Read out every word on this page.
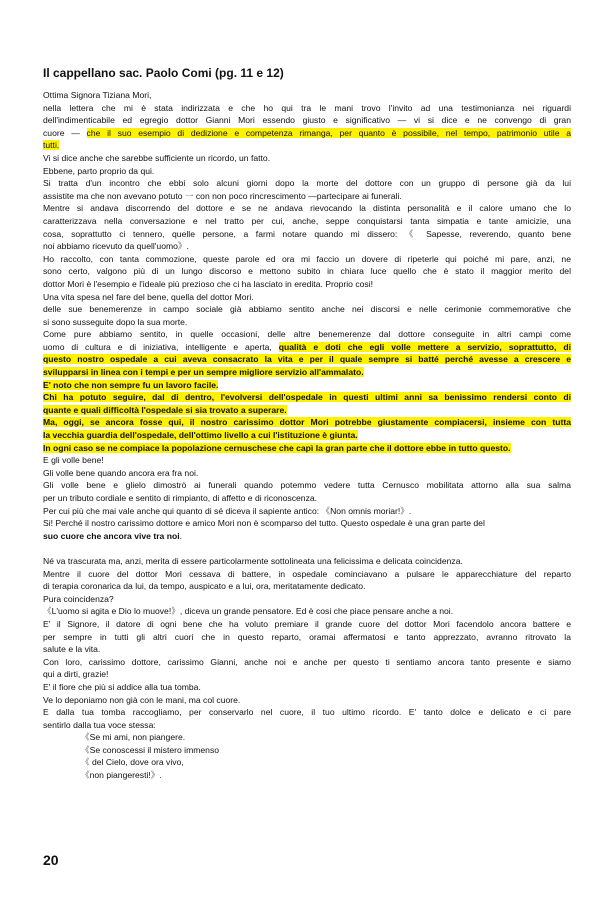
Il cappellano sac. Paolo Comi (pg. 11 e 12)
Ottima Signora Tiziana Mori,
nella lettera che mi è stata indirizzata e che ho qui tra le mani trovo l'invito ad una testimonianza nei riguardi
dell'indimenticabile ed egregio dottor Gianni Mori essendo giusto e significativo — vi si dice e ne convengo di gran
cuore — che il suo esempio di dedizione e competenza rimanga, per quanto è possibile, nel tempo, patrimonio utile a
tutti.
Vi si dice anche che sarebbe sufficiente un ricordo, un fatto.
Ebbene, parto proprio da qui.
Si tratta d'un incontro che ebbi solo alcuni giorni dopo la morte del dottore con un gruppo di persone già da lui
assistite ma che non avevano potuto 一 con non poco rincrescimento —partecipare ai funerali.
Mentre si andava discorrendo del dottore e se ne andava rievocando la distinta personalità e il calore umano che lo
caratterizzava nella conversazione e nel tratto per cui, anche, seppe conquistarsi tanta simpatia e tante amicizie, una
cosa, soprattutto ci tennero, quelle persone, a farmi notare quando mi dissero: 《 Sapesse, reverendo, quanto bene
noi abbiamo ricevuto da quell'uomo》.
Ho raccolto, con tanta commozione, queste parole ed ora mi faccio un dovere di ripeterle qui poiché mi pare, anzi, ne
sono certo, valgono più di un lungo discorso e mettono subito in chiara luce quello che è stato il maggior merito del
dottor Mori è l'esempio e l'ideale più prezioso che ci ha lasciato in eredita. Proprio cosi!
Una vita spesa nel fare del bene, quella del dottor Mori.
delle sue benemerenze in campo sociale già abbiamo sentito anche nei discorsi e nelle cerimonie commemorative che
si sono susseguite dopo la sua morte.
Come pure abbiamo sentito, in quelle occasioni, delle altre benemerenze dal dottore conseguite in altri campi come
uomo di cultura e di iniziativa, intelligente e aperta, qualità e doti che egli volle mettere a servizio, soprattutto, di
questo nostro ospedale a cui aveva consacrato la vita e per il quale sempre si batté perché avesse a crescere e
svilupparsi in linea con i tempi e per un sempre migliore servizio all'ammalato.
E' noto che non sempre fu un lavoro facile.
Chi ha potuto seguire, dal di dentro, l'evolversi dell'ospedale in questi ultimi anni sa benissimo rendersi conto di
quante e quali difficoltà l'ospedale si sia trovato a superare.
Ma, oggi, se ancora fosse qui, il nostro carissimo dottor Mori potrebbe giustamente compiacersi, insieme con tutta
la vecchia guardia dell'ospedale, dell'ottimo livello a cui l'istituzione è giunta.
In ogni caso se ne compiace la popolazione cernuschese che capì la gran parte che il dottore ebbe in tutto questo.
E gli volle bene!
Gli volle bene quando ancora era fra noi.
Gli volle bene e glielo dimostrò ai funerali quando potemmo vedere tutta Cernusco mobilitata attorno alla sua salma
per un tributo cordiale e sentito di rimpianto, di affetto e di riconoscenza.
Per cui più che mai vale anche qui quanto di sé diceva il sapiente antico: 《Non omnis moriar!》.
Si! Perché il nostro carissimo dottore e amico Mori non è scomparso del tutto. Questo ospedale è una gran parte del
suo cuore che ancora vive tra noi.
Né va trascurata ma, anzi, merita di essere particolarmente sottolineata una felicissima e delicata coincidenza.
Mentre il cuore del dottor Mori cessava di battere, in ospedale cominciavano a pulsare le apparecchiature del reparto
di terapia coronarica da lui, da tempo, auspicato e a lui, ora, meritatamente dedicato.
Pura coincidenza?
《L'uomo si agita e Dio lo muove!》, diceva un grande pensatore. Ed è cosi che piace pensare anche a noi.
E' il Signore, il datore di ogni bene che ha voluto premiare il grande cuore del dottor Mori facendolo ancora battere e
per sempre in tutti gli altri cuori che in questo reparto, oramai affermatosi e tanto apprezzato, avranno ritrovato la
salute e la vita.
Con loro, carissimo dottore, carissimo Gianni, anche noi e anche per questo ti sentiamo ancora tanto presente e siamo
qui a dirti, grazie!
E' il fiore che più si addice alla tua tomba.
Ve lo deponiamo non già con le mani, ma col cuore.
E dalla tua tomba raccogliamo, per conservarlo nel cuore, il tuo ultimo ricordo. E' tanto dolce e delicato e ci pare
sentirlo dalla tua voce stessa:
《Se mi ami, non piangere.
《Se conoscessi il mistero immenso
《 del Cielo, dove ora vivo,
《non piangeresti!》.
20
